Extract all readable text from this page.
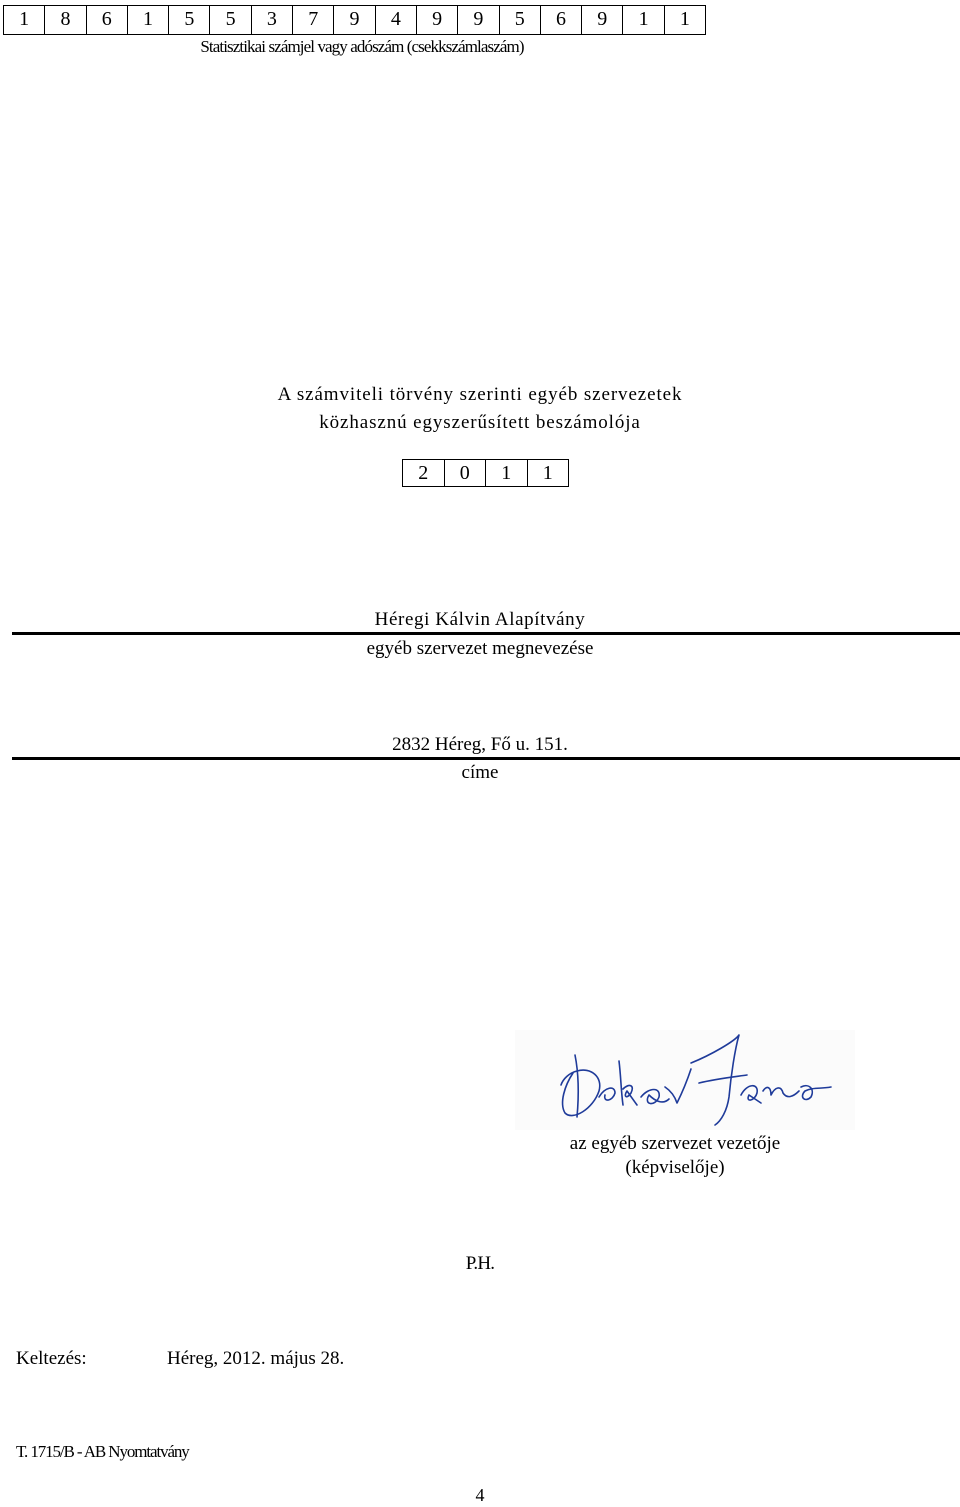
1	8	6	1	5	5	3	7	9	4	9	9	5	6	9	1	1
Statisztikai számjel vagy adószám (csekkszámlaszám)
A számviteli törvény szerinti egyéb szervezetek
közhasznú egyszerűsített beszámolója
2	0	1	1
Héregi Kálvin Alapítvány
egyéb szervezet megnevezése
2832 Héreg, Fő u. 151.
címe
az egyéb szervezet vezetője
(képviselője)
P.H.
Keltezés:	Héreg, 2012. május 28.
T. 1715/B - AB Nyomtatvány
4
